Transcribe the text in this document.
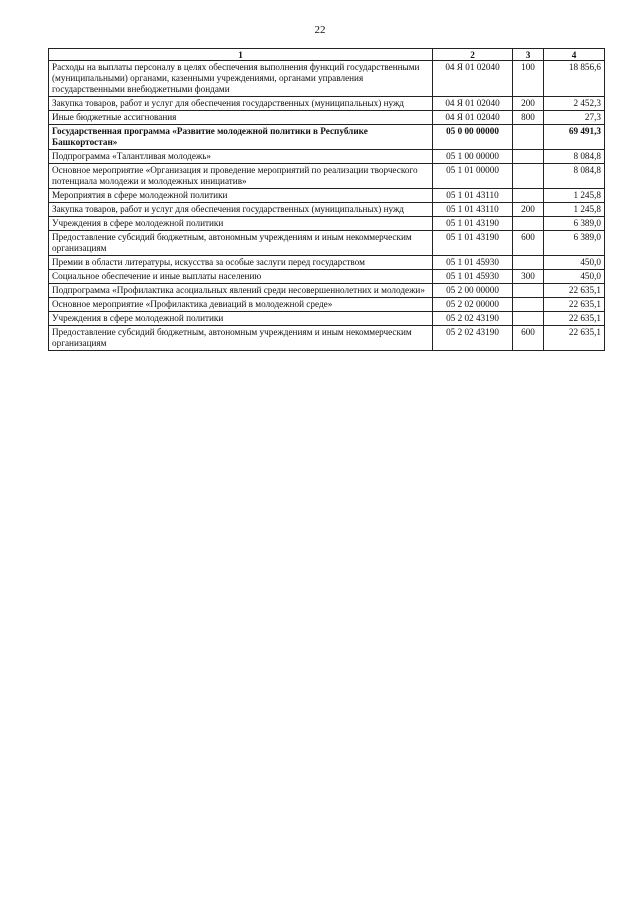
22
1	2	3	4
Расходы на выплаты персоналу в целях обеспечения выполнения функций государственными (муниципальными) органами, казенными учреждениями, органами управления государственными внебюджетными фондами	04 Я 01 02040	100	18 856,6
Закупка товаров, работ и услуг для обеспечения государственных (муниципальных) нужд	04 Я 01 02040	200	2 452,3
Иные бюджетные ассигнования	04 Я 01 02040	800	27,3
Государственная программа «Развитие молодежной политики в Республике Башкортостан»	05 0 00 00000		69 491,3
Подпрограмма «Талантливая молодежь»	05 1 00 00000		8 084,8
Основное мероприятие «Организация и проведение мероприятий по реализации творческого потенциала молодежи и молодежных инициатив»	05 1 01 00000		8 084,8
Мероприятия в сфере молодежной политики	05 1 01 43110		1 245,8
Закупка товаров, работ и услуг для обеспечения государственных (муниципальных) нужд	05 1 01 43110	200	1 245,8
Учреждения в сфере молодежной политики	05 1 01 43190		6 389,0
Предоставление субсидий бюджетным, автономным учреждениям и иным некоммерческим организациям	05 1 01 43190	600	6 389,0
Премии в области литературы, искусства за особые заслуги перед государством	05 1 01 45930		450,0
Социальное обеспечение и иные выплаты населению	05 1 01 45930	300	450,0
Подпрограмма «Профилактика асоциальных явлений среди несовершеннолетних и молодежи»	05 2 00 00000		22 635,1
Основное мероприятие «Профилактика девиаций в молодежной среде»	05 2 02 00000		22 635,1
Учреждения в сфере молодежной политики	05 2 02 43190		22 635,1
Предоставление субсидий бюджетным, автономным учреждениям и иным некоммерческим организациям	05 2 02 43190	600	22 635,1
